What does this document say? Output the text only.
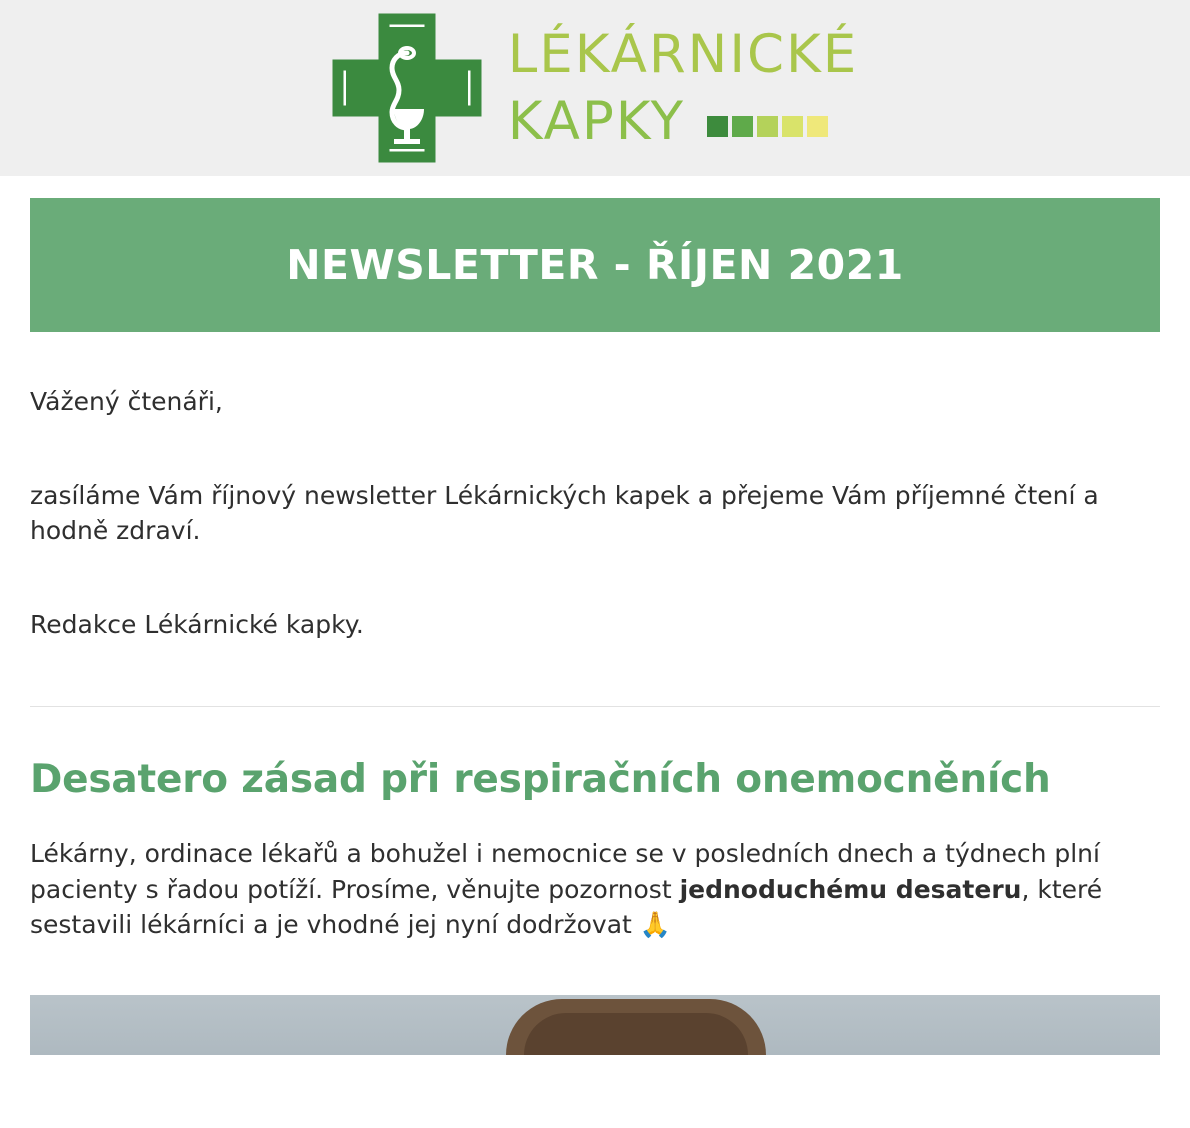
LÉKÁRNICKÉ
KAPKY
NEWSLETTER - ŘÍJEN 2021

Vážený čtenáři,

zasíláme Vám říjnový newsletter Lékárnických kapek a přejeme Vám příjemné čtení a hodně zdraví.

Redakce Lékárnické kapky.

Desatero zásad při respiračních onemocněních

Lékárny, ordinace lékařů a bohužel i nemocnice se v posledních dnech a týdnech plní pacienty s řadou potíží. Prosíme, věnujte pozornost jednoduchému desateru, které sestavili lékárníci a je vhodné jej nyní dodržovat 🙏
